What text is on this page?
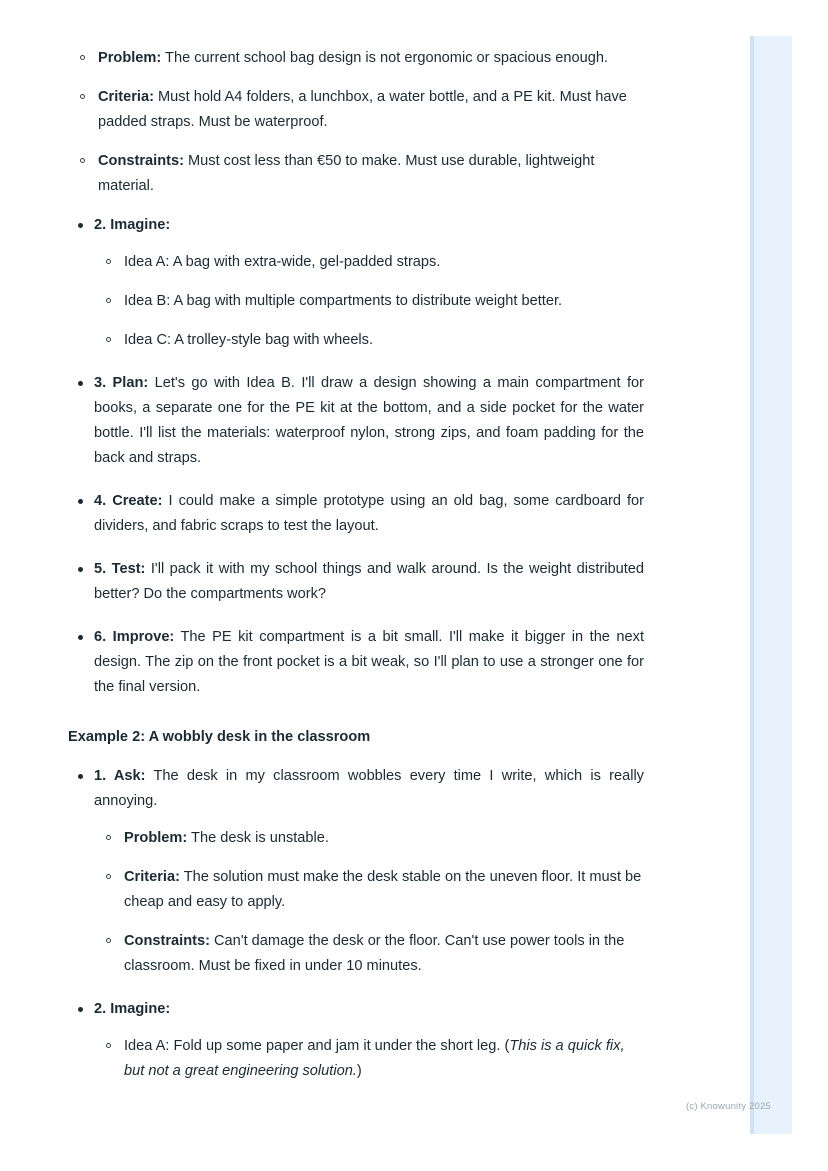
Problem: The current school bag design is not ergonomic or spacious enough.
Criteria: Must hold A4 folders, a lunchbox, a water bottle, and a PE kit. Must have padded straps. Must be waterproof.
Constraints: Must cost less than €50 to make. Must use durable, lightweight material.
2. Imagine:
Idea A: A bag with extra-wide, gel-padded straps.
Idea B: A bag with multiple compartments to distribute weight better.
Idea C: A trolley-style bag with wheels.
3. Plan: Let's go with Idea B. I'll draw a design showing a main compartment for books, a separate one for the PE kit at the bottom, and a side pocket for the water bottle. I'll list the materials: waterproof nylon, strong zips, and foam padding for the back and straps.
4. Create: I could make a simple prototype using an old bag, some cardboard for dividers, and fabric scraps to test the layout.
5. Test: I'll pack it with my school things and walk around. Is the weight distributed better? Do the compartments work?
6. Improve: The PE kit compartment is a bit small. I'll make it bigger in the next design. The zip on the front pocket is a bit weak, so I'll plan to use a stronger one for the final version.
Example 2: A wobbly desk in the classroom
1. Ask: The desk in my classroom wobbles every time I write, which is really annoying.
Problem: The desk is unstable.
Criteria: The solution must make the desk stable on the uneven floor. It must be cheap and easy to apply.
Constraints: Can't damage the desk or the floor. Can't use power tools in the classroom. Must be fixed in under 10 minutes.
2. Imagine:
Idea A: Fold up some paper and jam it under the short leg. (This is a quick fix, but not a great engineering solution.)
(c) Knowunity 2025
